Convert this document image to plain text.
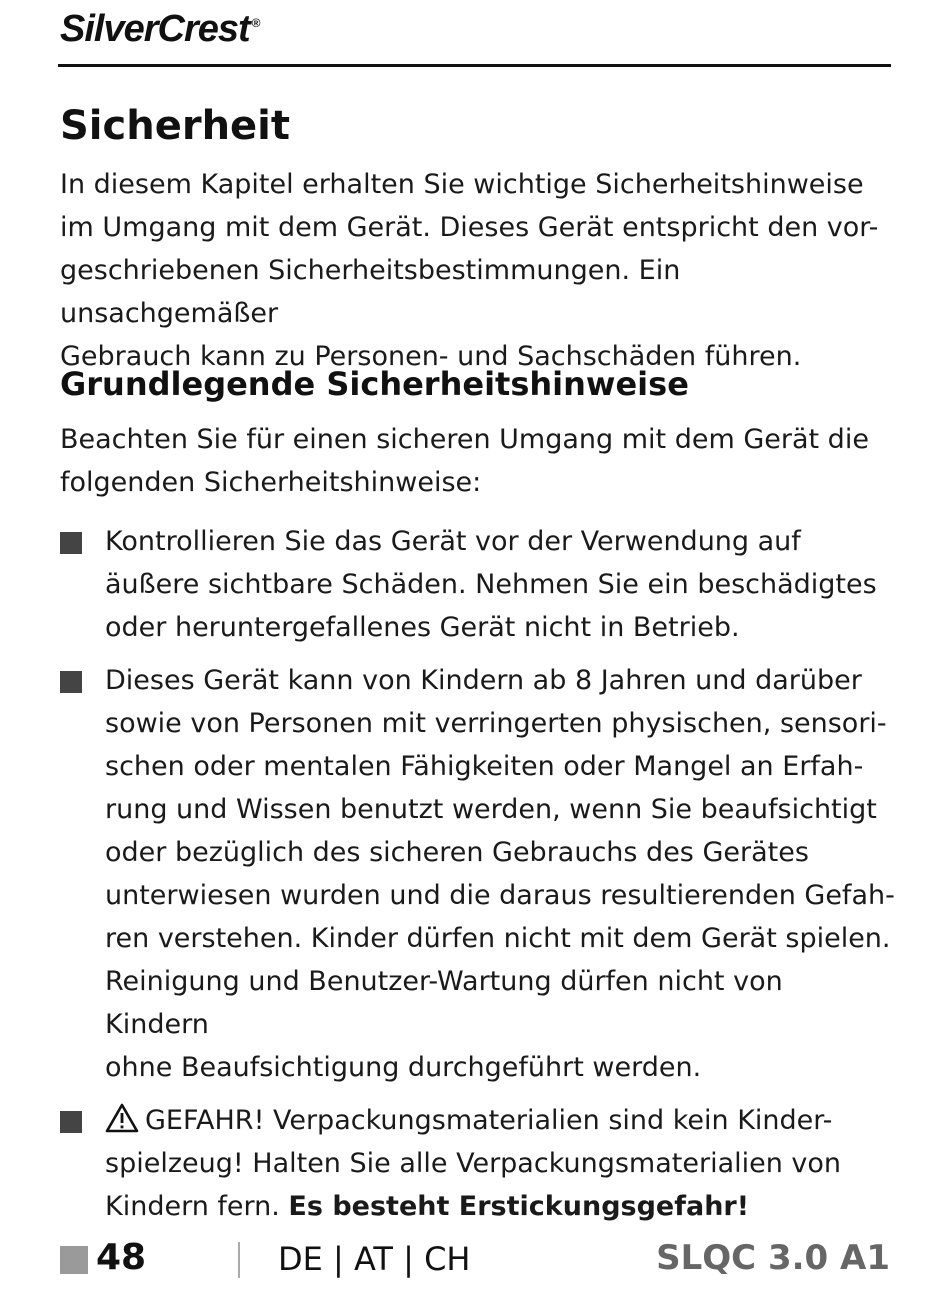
SilverCrest ®
Sicherheit

In diesem Kapitel erhalten Sie wichtige Sicherheitshinweise
im Umgang mit dem Gerät. Dieses Gerät entspricht den vor-
geschriebenen Sicherheitsbestimmungen. Ein unsachgemäßer
Gebrauch kann zu Personen- und Sachschäden führen.

Grundlegende Sicherheitshinweise

Beachten Sie für einen sicheren Umgang mit dem Gerät die
folgenden Sicherheitshinweise:

Kontrollieren Sie das Gerät vor der Verwendung auf
äußere sichtbare Schäden. Nehmen Sie ein beschädigtes
oder heruntergefallenes Gerät nicht in Betrieb.
Dieses Gerät kann von Kindern ab 8 Jahren und darüber
sowie von Personen mit verringerten physischen, sensori-
schen oder mentalen Fähigkeiten oder Mangel an Erfah-
rung und Wissen benutzt werden, wenn Sie beaufsichtigt
oder bezüglich des sicheren Gebrauchs des Gerätes
unterwiesen wurden und die daraus resultierenden Gefah-
ren verstehen. Kinder dürfen nicht mit dem Gerät spielen.
Reinigung und Benutzer-Wartung dürfen nicht von Kindern
ohne Beaufsichtigung durchgeführt werden.
GEFAHR! Verpackungsmaterialien sind kein Kinder-
spielzeug! Halten Sie alle Verpackungsmaterialien von
Kindern fern. Es besteht Erstickungsgefahr!
48	DE | AT | CH	SLQC 3.0 A1
